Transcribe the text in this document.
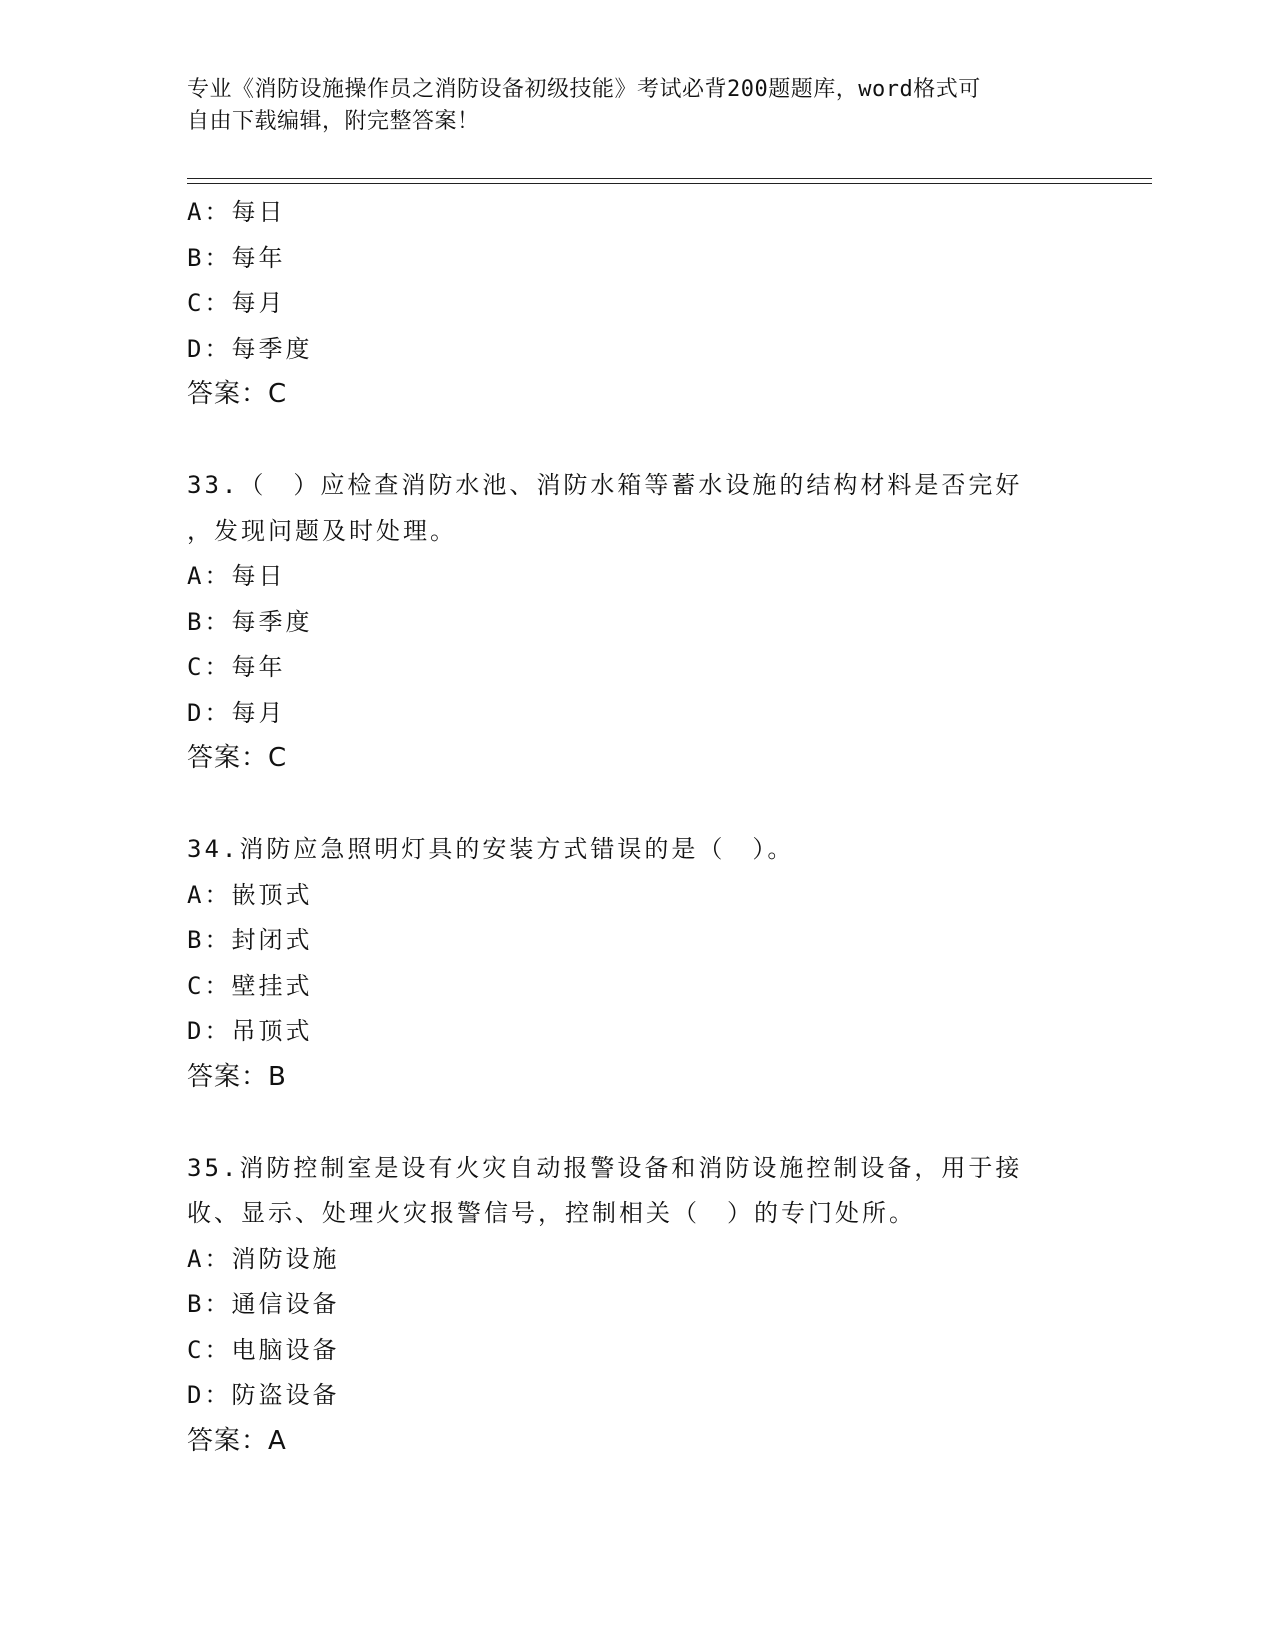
专业《消防设施操作员之消防设备初级技能》考试必背200题题库，word格式可
自由下载编辑，附完整答案！
A：每日
B：每年
C：每月
D：每季度
答案：C
33.（　）应检查消防水池、消防水箱等蓄水设施的结构材料是否完好
，发现问题及时处理。
A：每日
B：每季度
C：每年
D：每月
答案：C
34.消防应急照明灯具的安装方式错误的是（　）。
A：嵌顶式
B：封闭式
C：壁挂式
D：吊顶式
答案：B
35.消防控制室是设有火灾自动报警设备和消防设施控制设备，用于接
收、显示、处理火灾报警信号，控制相关（　）的专门处所。
A：消防设施
B：通信设备
C：电脑设备
D：防盗设备
答案：A
